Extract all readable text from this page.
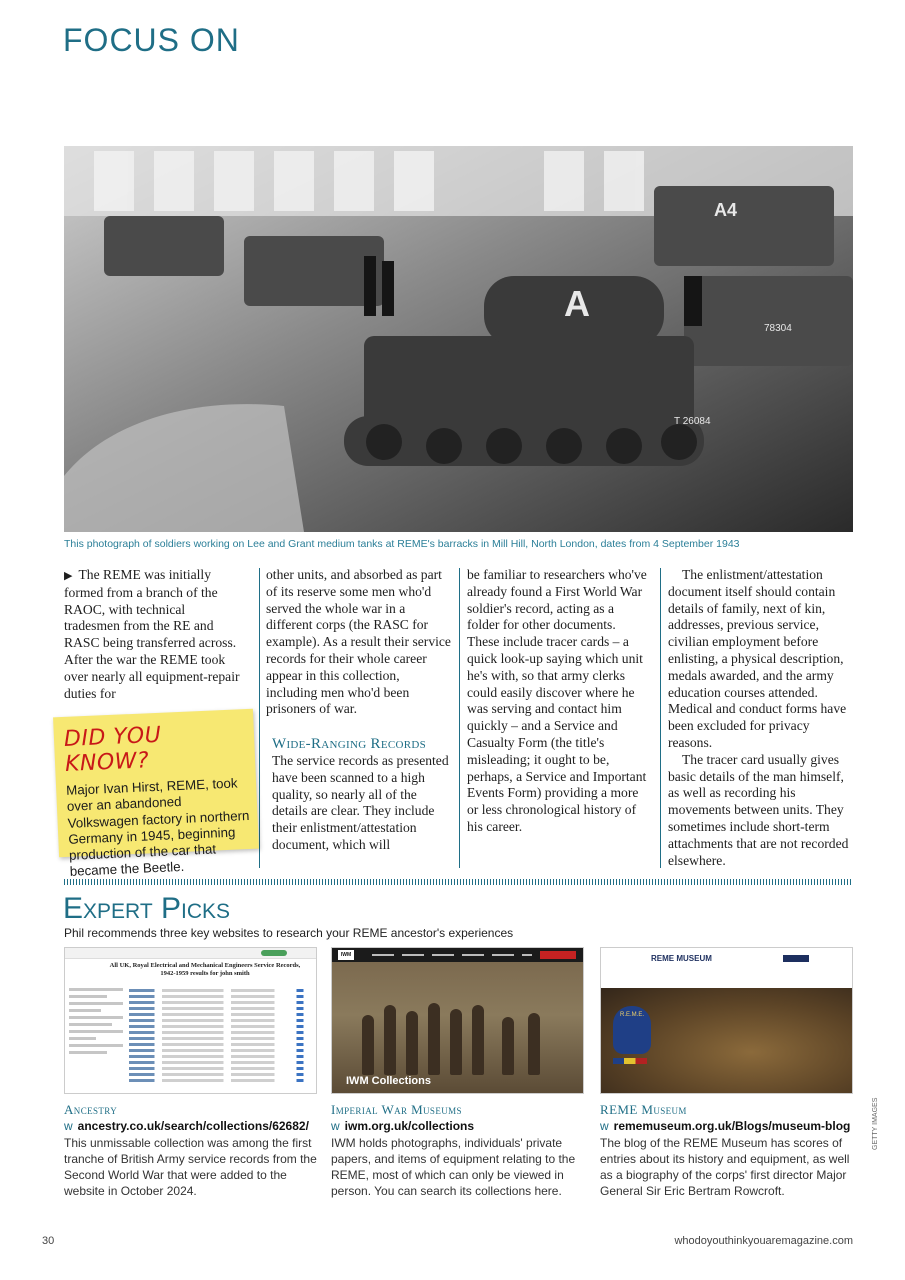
FOCUS ON
A
A4
T 26084
78304
This photograph of soldiers working on Lee and Grant medium tanks at REME's barracks in Mill Hill, North London, dates from 4 September 1943

▶ The REME was initially formed from a branch of the RAOC, with technical tradesmen from the RE and RASC being transferred across. After the war the REME took over nearly all equipment-repair duties for

other units, and absorbed as part of its reserve some men who'd served the whole war in a different corps (the RASC for example). As a result their service records for their whole career appear in this collection, including men who'd been prisoners of war.

Wide-Ranging Records

The service records as presented have been scanned to a high quality, so nearly all of the details are clear. They include their enlistment/attestation document, which will

be familiar to researchers who've already found a First World War soldier's record, acting as a folder for other documents. These include tracer cards – a quick look-up saying which unit he's with, so that army clerks could easily discover where he was serving and contact him quickly – and a Service and Casualty Form (the title's misleading; it ought to be, perhaps, a Service and Important Events Form) providing a more or less chronological history of his career.

The enlistment/attestation document itself should contain details of family, next of kin, addresses, previous service, civilian employment before enlisting, a physical description, medals awarded, and the army education courses attended. Medical and conduct forms have been excluded for privacy reasons.

The tracer card usually gives basic details of the man himself, as well as recording his movements between units. They sometimes include short-term attachments that are not recorded elsewhere.

DID YOU KNOW?
Major Ivan Hirst, REME, took over an abandoned Volkswagen factory in northern Germany in 1945, beginning production of the car that became the Beetle.
Expert Picks
Phil recommends three key websites to research your REME ancestor's experiences
All UK, Royal Electrical and Mechanical Engineers Service Records, 1942-1959 results for john smith
Ancestry
w ancestry.co.uk/search/collections/62682/
This unmissable collection was among the first tranche of British Army service records from the Second World War that were added to the website in October 2024.
IWM
IWM Collections
Imperial War Museums
w iwm.org.uk/collections
IWM holds photographs, individuals' private papers, and items of equipment relating to the REME, most of which can only be viewed in person. You can search its collections here.
REME MUSEUM
R.E.M.E.
REME Museum
w rememuseum.org.uk/Blogs/museum-blog
The blog of the REME Museum has scores of entries about its history and equipment, as well as a biography of the corps' first director Major General Sir Eric Bertram Rowcroft.
GETTY IMAGES
30	whodoyouthinkyouaremagazine.com
